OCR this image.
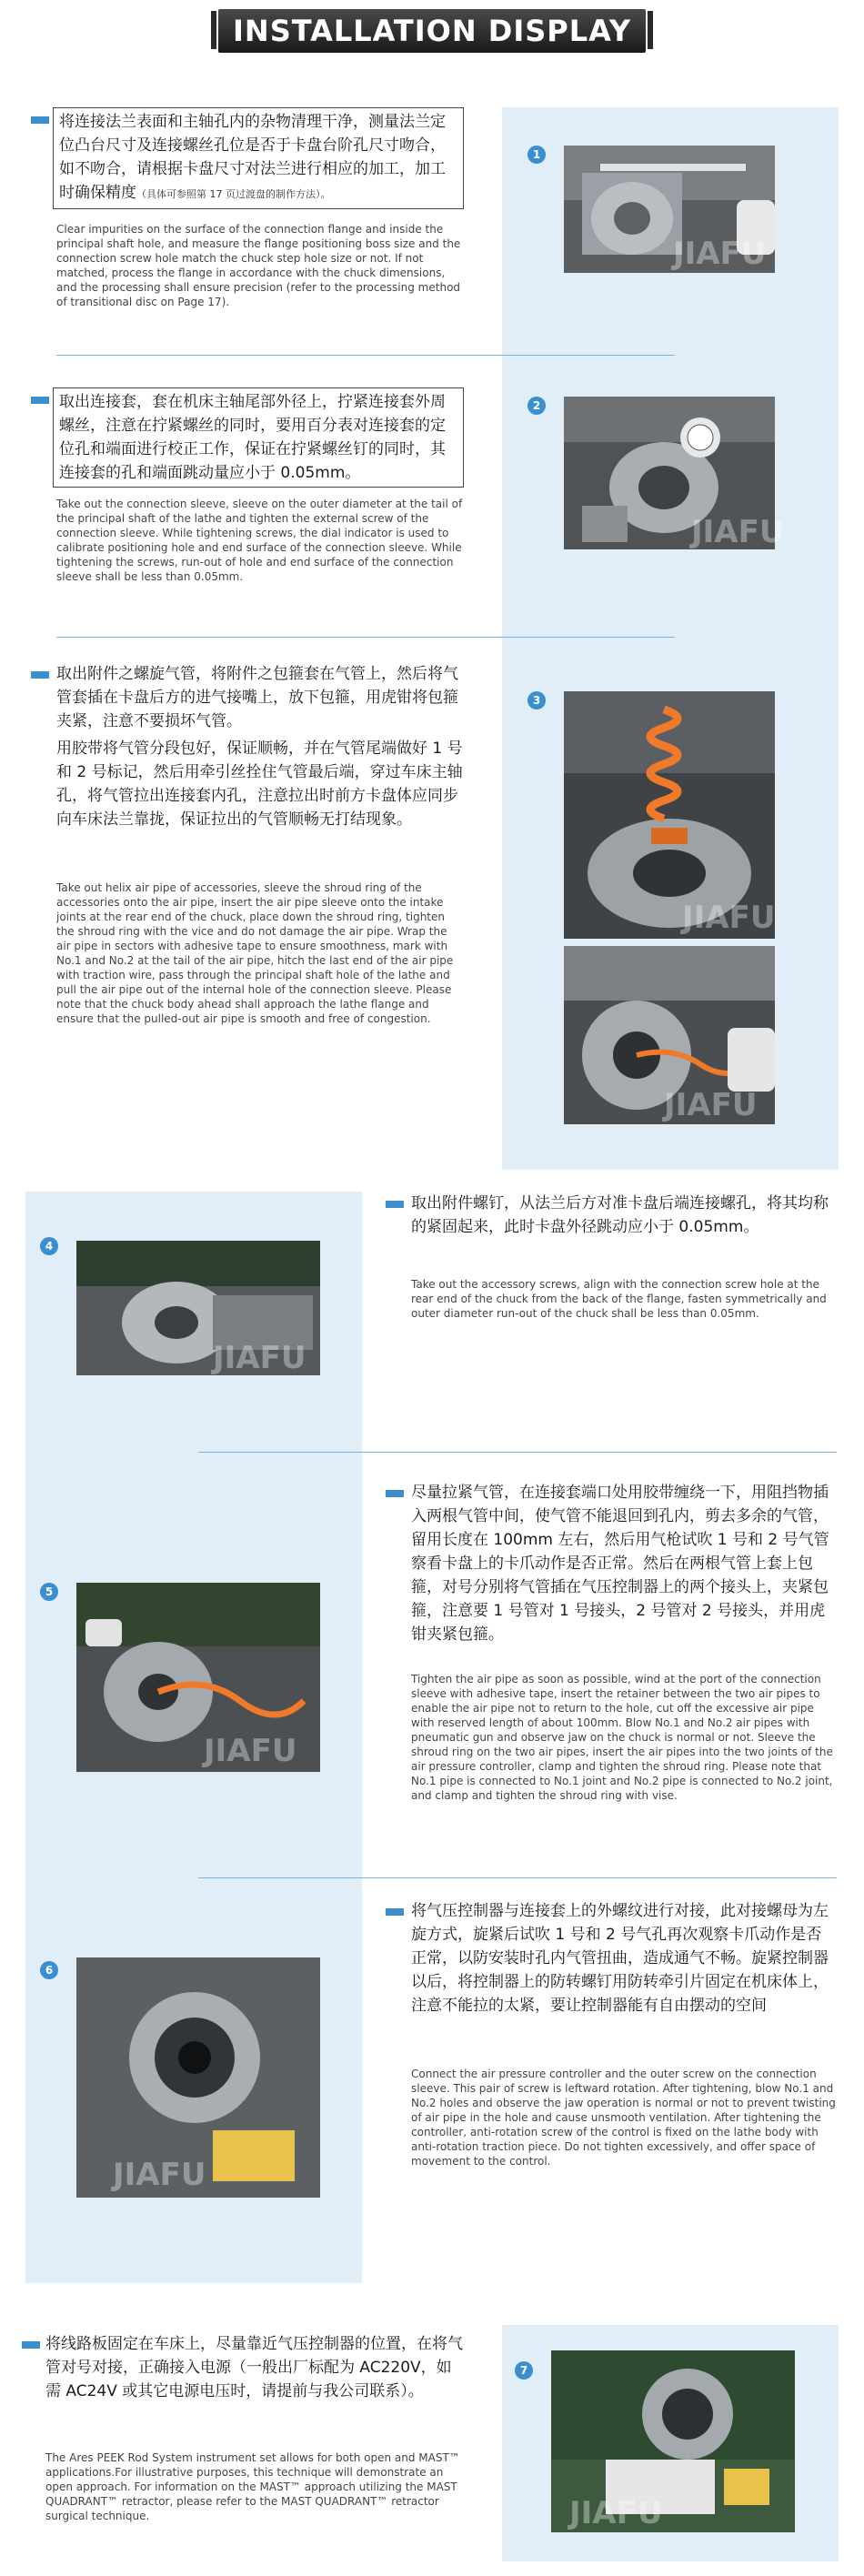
INSTALLATION DISPLAY
将连接法兰表面和主轴孔内的杂物清理干净，测量法兰定位凸台尺寸及连接螺丝孔位是否于卡盘台阶孔尺寸吻合，如不吻合，请根据卡盘尺寸对法兰进行相应的加工，加工时确保精度（具体可参照第 17 页过渡盘的制作方法）。
Clear impurities on the surface of the connection flange and inside the principal shaft hole, and measure the flange positioning boss size and the connection screw hole match the chuck step hole size or not. If not matched, process the flange in accordance with the chuck dimensions, and the processing shall ensure precision (refer to the processing method of transitional disc on Page 17).
1
JIAFU
取出连接套，套在机床主轴尾部外径上，拧紧连接套外周螺丝，注意在拧紧螺丝的同时，要用百分表对连接套的定位孔和端面进行校正工作，保证在拧紧螺丝钉的同时，其连接套的孔和端面跳动量应小于 0.05mm。
Take out the connection sleeve, sleeve on the outer diameter at the tail of the principal shaft of the lathe and tighten the external screw of the connection sleeve. While tightening screws, the dial indicator is used to calibrate positioning hole and end surface of the connection sleeve. While tightening the screws, run-out of hole and end surface of the connection sleeve shall be less than 0.05mm.
2
JIAFU
取出附件之螺旋气管，将附件之包箍套在气管上，然后将气管套插在卡盘后方的进气接嘴上，放下包箍，用虎钳将包箍夹紧，注意不要损坏气管。
用胶带将气管分段包好，保证顺畅，并在气管尾端做好 1 号和 2 号标记，然后用牵引丝拴住气管最后端，穿过车床主轴孔，将气管拉出连接套内孔，注意拉出时前方卡盘体应同步向车床法兰靠拢，保证拉出的气管顺畅无打结现象。
Take out helix air pipe of accessories, sleeve the shroud ring of the accessories onto the air pipe, insert the air pipe sleeve onto the intake joints at the rear end of the chuck, place down the shroud ring, tighten the shroud ring with the vice and do not damage the air pipe. Wrap the air pipe in sectors with adhesive tape to ensure smoothness, mark with No.1 and No.2 at the tail of the air pipe, hitch the last end of the air pipe with traction wire, pass through the principal shaft hole of the lathe and pull the air pipe out of the internal hole of the connection sleeve. Please note that the chuck body ahead shall approach the lathe flange and ensure that the pulled-out air pipe is smooth and free of congestion.
3
JIAFU
JIAFU
4
JIAFU
取出附件螺钉，从法兰后方对准卡盘后端连接螺孔，将其均称的紧固起来，此时卡盘外径跳动应小于 0.05mm。
Take out the accessory screws, align with the connection screw hole at the rear end of the chuck from the back of the flange, fasten symmetrically and outer diameter run-out of the chuck shall be less than 0.05mm.
5
JIAFU
尽量拉紧气管，在连接套端口处用胶带缠绕一下，用阻挡物插入两根气管中间，使气管不能退回到孔内，剪去多余的气管，留用长度在 100mm 左右，然后用气枪试吹 1 号和 2 号气管察看卡盘上的卡爪动作是否正常。然后在两根气管上套上包箍，对号分别将气管插在气压控制器上的两个接头上，夹紧包箍，注意要 1 号管对 1 号接头，2 号管对 2 号接头，并用虎钳夹紧包箍。
Tighten the air pipe as soon as possible, wind at the port of the connection sleeve with adhesive tape, insert the retainer between the two air pipes to enable the air pipe not to return to the hole, cut off the excessive air pipe with reserved length of about 100mm. Blow No.1 and No.2 air pipes with pneumatic gun and observe jaw on the chuck is normal or not. Sleeve the shroud ring on the two air pipes, insert the air pipes into the two joints of the air pressure controller, clamp and tighten the shroud ring. Please note that No.1 pipe is connected to No.1 joint and No.2 pipe is connected to No.2 joint, and clamp and tighten the shroud ring with vise.
6
JIAFU
将气压控制器与连接套上的外螺纹进行对接，此对接螺母为左旋方式，旋紧后试吹 1 号和 2 号气孔再次观察卡爪动作是否正常，以防安装时孔内气管扭曲，造成通气不畅。旋紧控制器以后，将控制器上的防转螺钉用防转牵引片固定在机床体上，注意不能拉的太紧，要让控制器能有自由摆动的空间
Connect the air pressure controller and the outer screw on the connection sleeve. This pair of screw is leftward rotation. After tightening, blow No.1 and No.2 holes and observe the jaw operation is normal or not to prevent twisting of air pipe in the hole and cause unsmooth ventilation. After tightening the controller, anti-rotation screw of the control is fixed on the lathe body with anti-rotation traction piece. Do not tighten excessively, and offer space of movement to the control.
将线路板固定在车床上，尽量靠近气压控制器的位置，在将气管对号对接，正确接入电源（一般出厂标配为 AC220V，如需 AC24V 或其它电源电压时，请提前与我公司联系）。
The Ares PEEK Rod System instrument set allows for both open and MAST™ applications.For illustrative purposes, this technique will demonstrate an open approach. For information on the MAST™ approach utilizing the MAST QUADRANT™ retractor, please refer to the MAST QUADRANT™ retractor surgical technique.
7
JIAFU
